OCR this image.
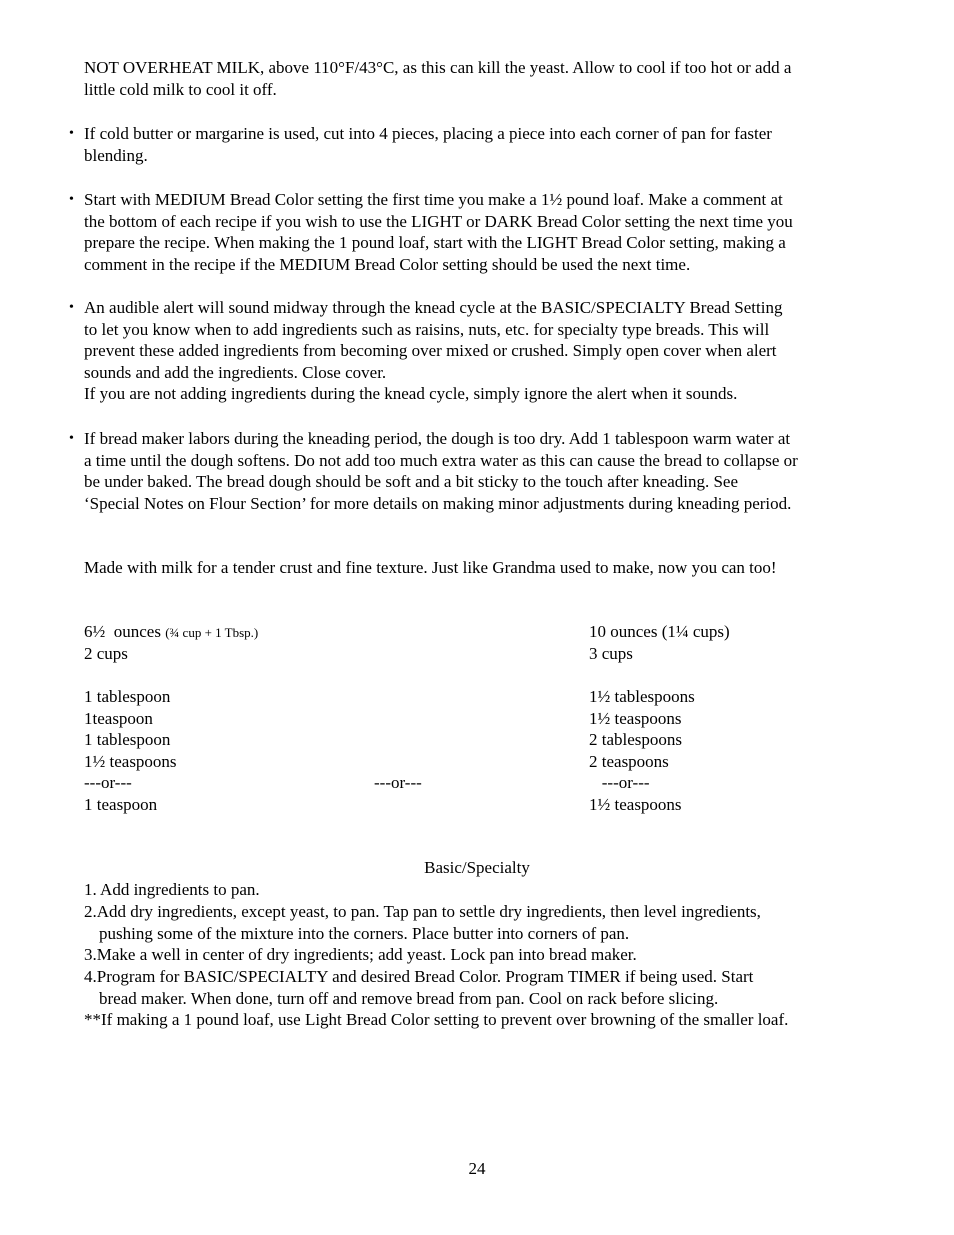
NOT OVERHEAT MILK, above 110°F/43°C, as this can kill the yeast. Allow to cool if too hot or add a
little cold milk to cool it off.
• If cold butter or margarine is used, cut into 4 pieces, placing a piece into each corner of pan for faster
blending.
• Start with MEDIUM Bread Color setting the first time you make a 1½ pound loaf. Make a comment at
the bottom of each recipe if you wish to use the LIGHT or DARK Bread Color setting the next time you
prepare the recipe. When making the 1 pound loaf, start with the LIGHT Bread Color setting, making a
comment in the recipe if the MEDIUM Bread Color setting should be used the next time.
• An audible alert will sound midway through the knead cycle at the BASIC/SPECIALTY Bread Setting
to let you know when to add ingredients such as raisins, nuts, etc. for specialty type breads. This will
prevent these added ingredients from becoming over mixed or crushed. Simply open cover when alert
sounds and add the ingredients. Close cover.
If you are not adding ingredients during the knead cycle, simply ignore the alert when it sounds.
• If bread maker labors during the kneading period, the dough is too dry. Add 1 tablespoon warm water at
a time until the dough softens. Do not add too much extra water as this can cause the bread to collapse or
be under baked. The bread dough should be soft and a bit sticky to the touch after kneading. See
‘Special Notes on Flour Section’ for more details on making minor adjustments during kneading period.
Made with milk for a tender crust and fine texture. Just like Grandma used to make, now you can too!
6½  ounces (¾ cup + 1 Tbsp.)	10 ounces (1¼ cups)
2 cups	3 cups
1 tablespoon	1½ tablespoons
1teaspoon	1½ teaspoons
1 tablespoon	2 tablespoons
1½ teaspoons	2 teaspoons
---or---	---or---	---or---
1 teaspoon	1½ teaspoons
Basic/Specialty
1. Add ingredients to pan.
2.Add dry ingredients, except yeast, to pan. Tap pan to settle dry ingredients, then level ingredients,
pushing some of the mixture into the corners. Place butter into corners of pan.
3.Make a well in center of dry ingredients; add yeast. Lock pan into bread maker.
4.Program for BASIC/SPECIALTY and desired Bread Color. Program TIMER if being used. Start
bread maker. When done, turn off and remove bread from pan. Cool on rack before slicing.
**If making a 1 pound loaf, use Light Bread Color setting to prevent over browning of the smaller loaf.
24
